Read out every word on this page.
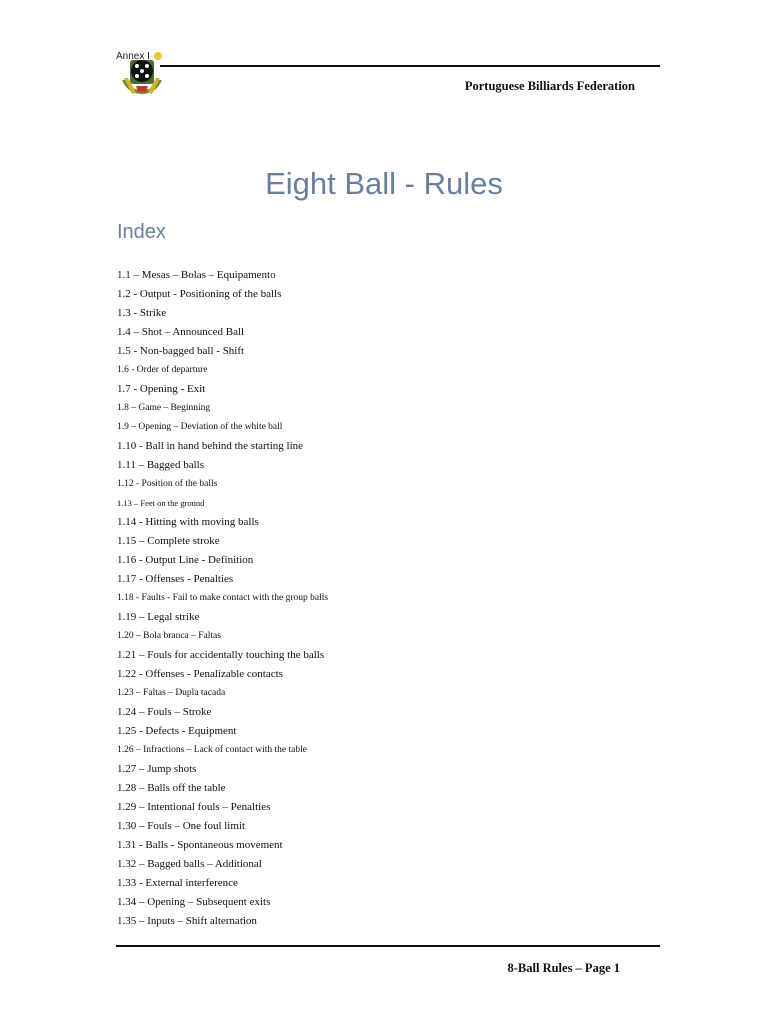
Annex I
Portuguese Billiards Federation
Eight Ball - Rules
Index
1.1 – Mesas – Bolas – Equipamento
1.2 - Output - Positioning of the balls
1.3 - Strike
1.4 – Shot – Announced Ball
1.5 - Non-bagged ball - Shift
1.6 - Order of departure
1.7 - Opening - Exit
1.8 – Game – Beginning
1.9 – Opening – Deviation of the white ball
1.10 - Ball in hand behind the starting line
1.11 – Bagged balls
1.12 - Position of the balls
1.13 – Feet on the ground
1.14 - Hitting with moving balls
1.15 – Complete stroke
1.16 - Output Line - Definition
1.17 - Offenses - Penalties
1.18 - Faults - Fail to make contact with the group balls
1.19 – Legal strike
1.20 – Bola branca – Faltas
1.21 – Fouls for accidentally touching the balls
1.22 - Offenses - Penalizable contacts
1.23 – Faltas – Dupla tacada
1.24 – Fouls – Stroke
1.25 - Defects - Equipment
1.26 – Infractions – Lack of contact with the table
1.27 – Jump shots
1.28 – Balls off the table
1.29 – Intentional fouls – Penalties
1.30 – Fouls – One foul limit
1.31 - Balls - Spontaneous movement
1.32 – Bagged balls – Additional
1.33 - External interference
1.34 – Opening – Subsequent exits
1.35 – Inputs – Shift alternation
8-Ball Rules – Page 1
